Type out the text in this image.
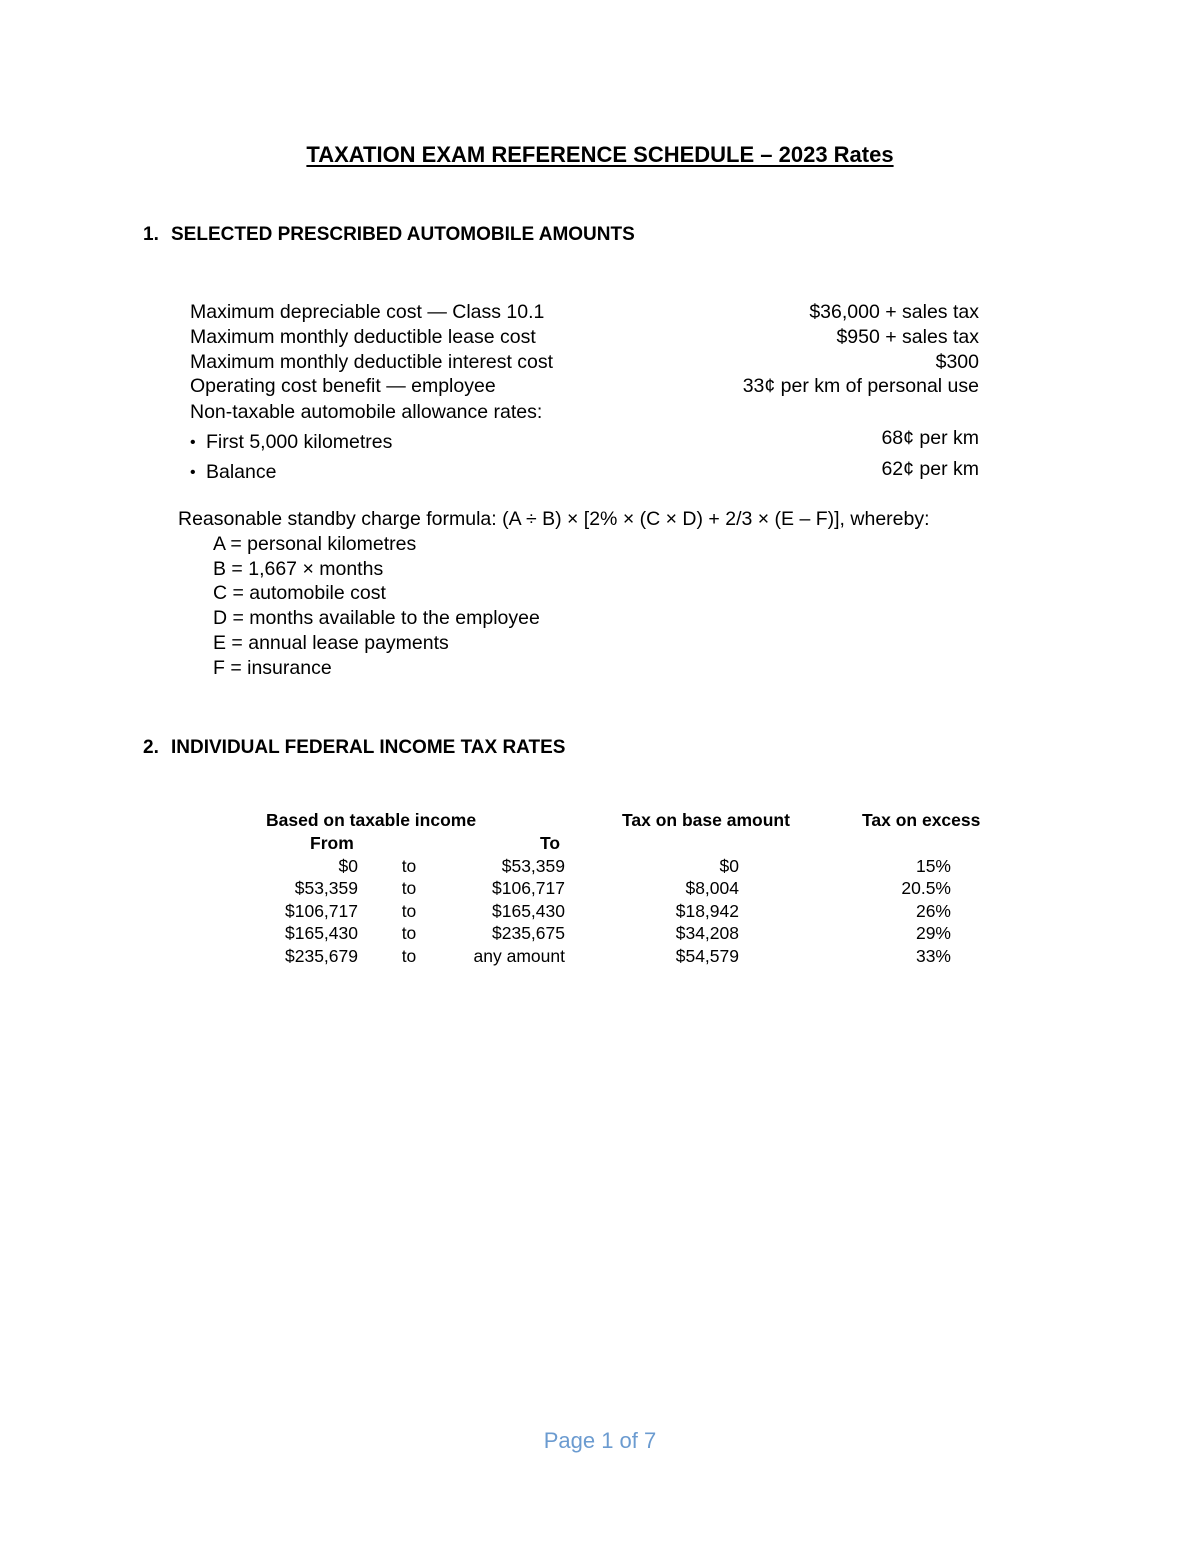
TAXATION EXAM REFERENCE SCHEDULE – 2023 Rates
1. SELECTED PRESCRIBED AUTOMOBILE AMOUNTS
Maximum depreciable cost — Class 10.1	$36,000 + sales tax
Maximum monthly deductible lease cost	$950 + sales tax
Maximum monthly deductible interest cost	$300
Operating cost benefit — employee	33¢ per km of personal use
Non-taxable automobile allowance rates:
• First 5,000 kilometres	68¢ per km
• Balance	62¢ per km
Reasonable standby charge formula: (A ÷ B) × [2% × (C × D) + 2/3 × (E – F)], whereby:
A = personal kilometres
B = 1,667 × months
C = automobile cost
D = months available to the employee
E = annual lease payments
F = insurance
2. INDIVIDUAL FEDERAL INCOME TAX RATES
Based on taxable income	Tax on base amount	Tax on excess
From	To
$0	to	$53,359	$0	15%
$53,359	to	$106,717	$8,004	20.5%
$106,717	to	$165,430	$18,942	26%
$165,430	to	$235,675	$34,208	29%
$235,679	to	any amount	$54,579	33%
Page 1 of 7
